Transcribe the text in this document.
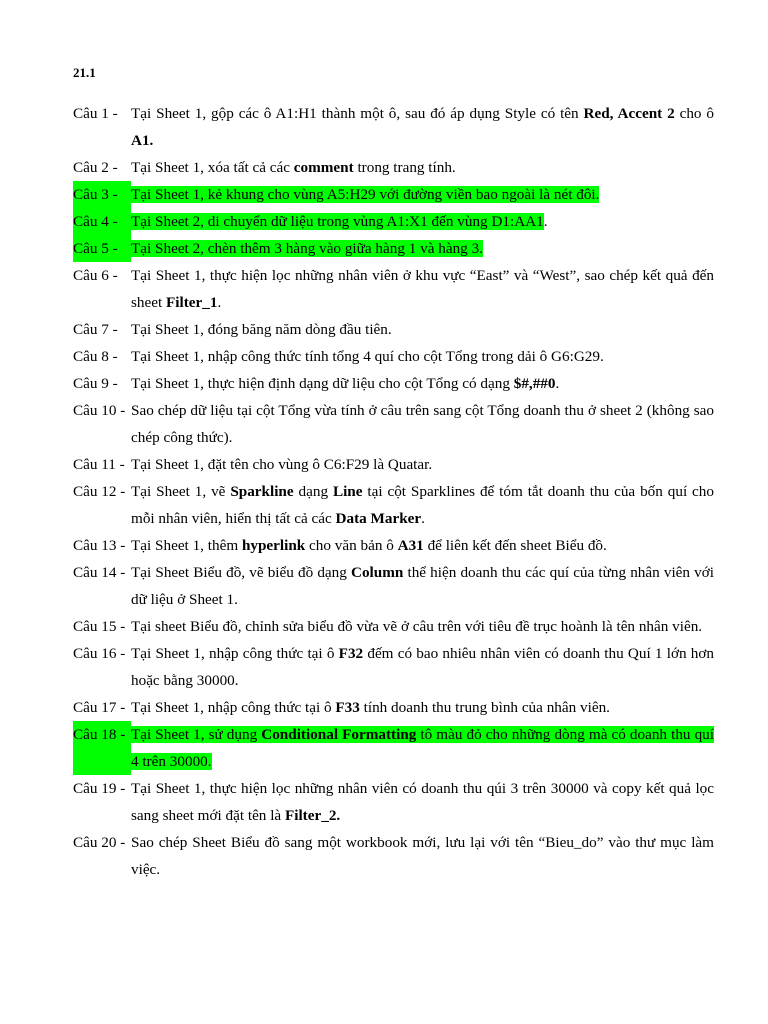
21.1
Câu 1 - Tại Sheet 1, gộp các ô A1:H1 thành một ô, sau đó áp dụng Style có tên Red, Accent 2 cho ô A1.
Câu 2 - Tại Sheet 1, xóa tất cả các comment trong trang tính.
Câu 3 - Tại Sheet 1, kẻ khung cho vùng A5:H29 với đường viền bao ngoài là nét đôi.
Câu 4 - Tại Sheet 2, di chuyển dữ liệu trong vùng A1:X1 đến vùng D1:AA1.
Câu 5 - Tại Sheet 2, chèn thêm 3 hàng vào giữa hàng 1 và hàng 3.
Câu 6 - Tại Sheet 1, thực hiện lọc những nhân viên ở khu vực “East” và “West”, sao chép kết quả đến sheet Filter_1.
Câu 7 - Tại Sheet 1, đóng băng năm dòng đầu tiên.
Câu 8 - Tại Sheet 1, nhập công thức tính tổng 4 quí cho cột Tổng trong dải ô G6:G29.
Câu 9 - Tại Sheet 1, thực hiện định dạng dữ liệu cho cột Tổng có dạng $#,##0.
Câu 10 - Sao chép dữ liệu tại cột Tổng vừa tính ở câu trên sang cột Tổng doanh thu ở sheet 2 (không sao chép công thức).
Câu 11 - Tại Sheet 1, đặt tên cho vùng ô C6:F29 là Quatar.
Câu 12 - Tại Sheet 1, vẽ Sparkline dạng Line tại cột Sparklines để tóm tắt doanh thu của bốn quí cho mỗi nhân viên, hiển thị tất cả các Data Marker.
Câu 13 - Tại Sheet 1, thêm hyperlink cho văn bản ô A31 để liên kết đến sheet Biểu đồ.
Câu 14 - Tại Sheet Biểu đồ, vẽ biểu đồ dạng Column thể hiện doanh thu các quí của từng nhân viên với dữ liệu ở Sheet 1.
Câu 15 - Tại sheet Biểu đồ, chỉnh sửa biểu đồ vừa vẽ ở câu trên với tiêu đề trục hoành là tên nhân viên.
Câu 16 - Tại Sheet 1, nhập công thức tại ô F32 đếm có bao nhiêu nhân viên có doanh thu Quí 1 lớn hơn hoặc bằng 30000.
Câu 17 - Tại Sheet 1, nhập công thức tại ô F33 tính doanh thu trung bình của nhân viên.
Câu 18 - Tại Sheet 1, sử dụng Conditional Formatting tô màu đỏ cho những dòng mà có doanh thu quí 4 trên 30000.
Câu 19 - Tại Sheet 1, thực hiện lọc những nhân viên có doanh thu qúi 3 trên 30000 và copy kết quả lọc sang sheet mới đặt tên là Filter_2.
Câu 20 - Sao chép Sheet Biểu đồ sang một workbook mới, lưu lại với tên “Bieu_do” vào thư mục làm việc.
